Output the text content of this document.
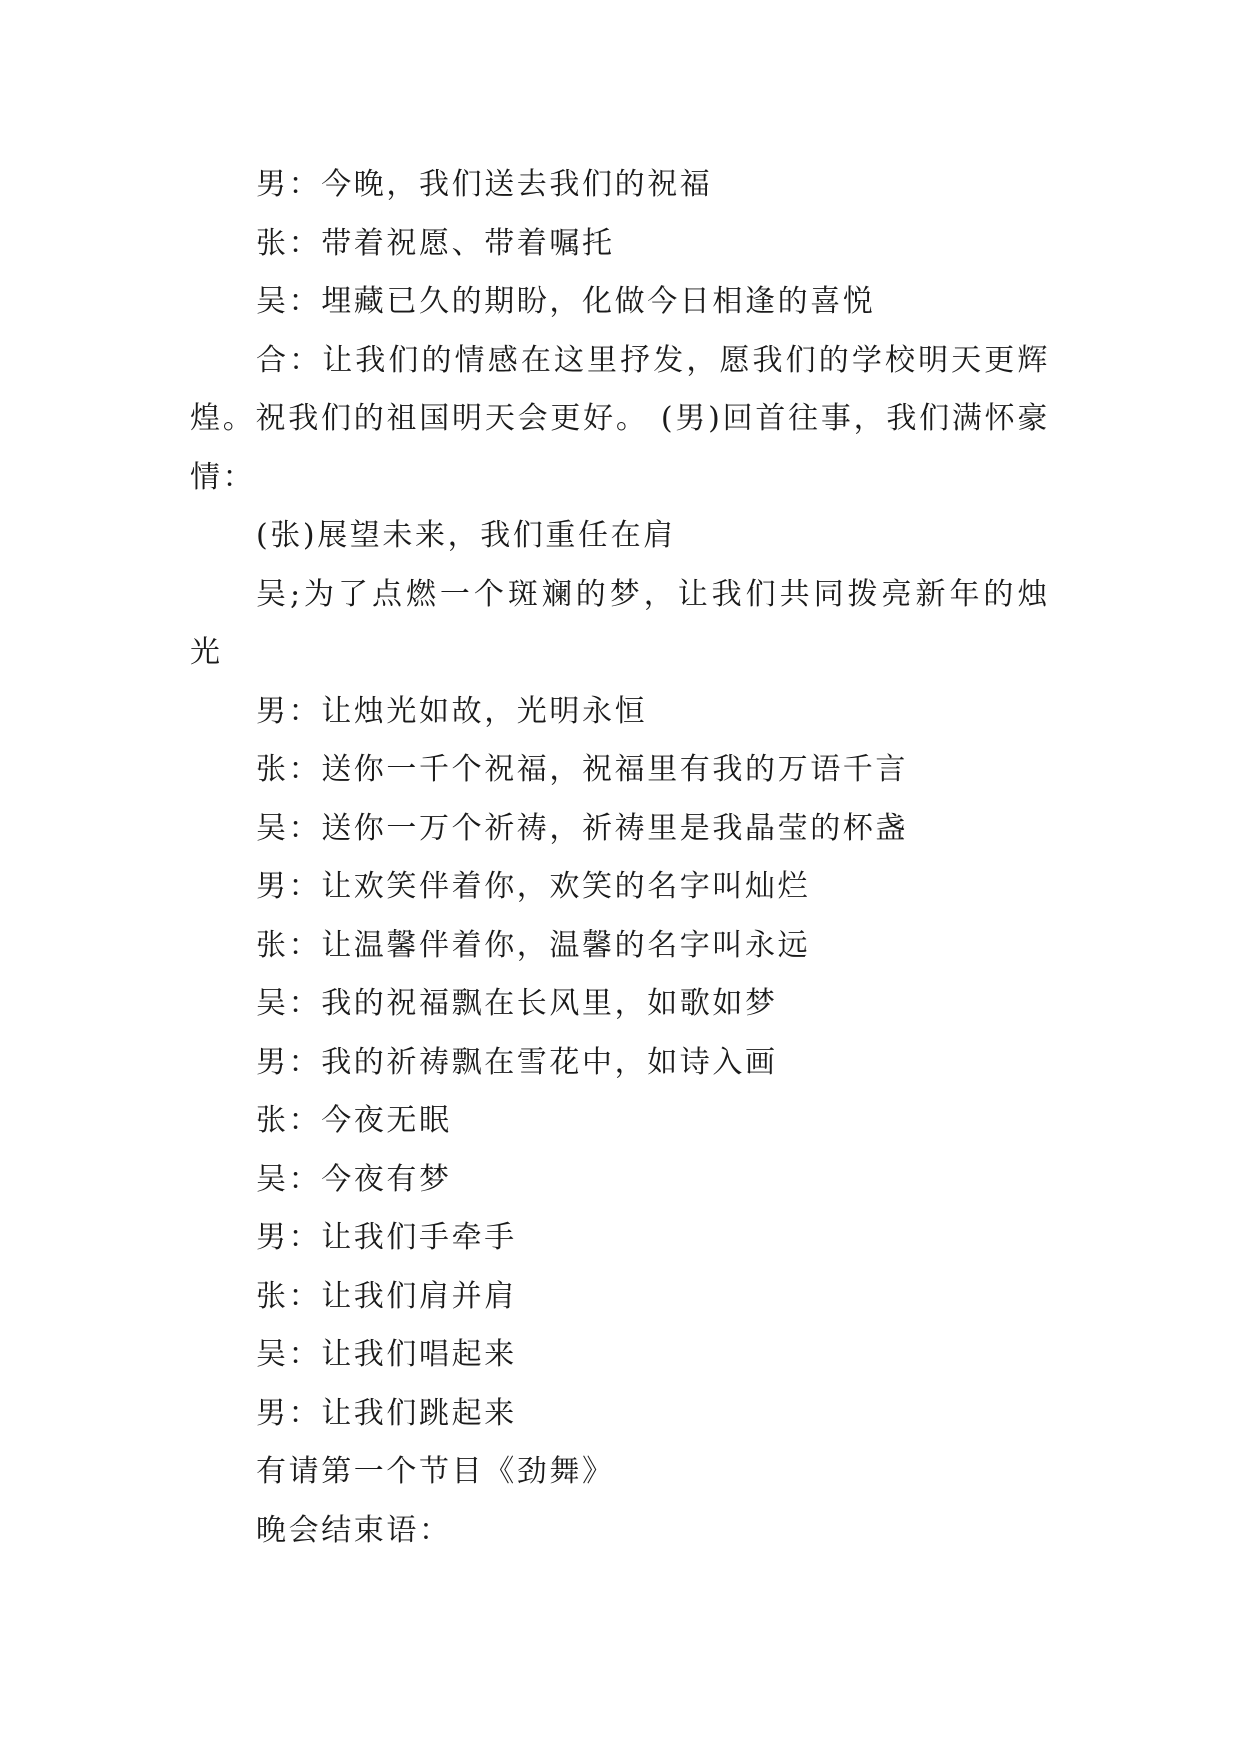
男：今晚，我们送去我们的祝福

张：带着祝愿、带着嘱托

吴：埋藏已久的期盼，化做今日相逢的喜悦

合：让我们的情感在这里抒发，愿我们的学校明天更辉煌。祝我们的祖国明天会更好。 (男)回首往事，我们满怀豪情：

(张)展望未来，我们重任在肩

吴;为了点燃一个斑斓的梦，让我们共同拨亮新年的烛光

男：让烛光如故，光明永恒

张：送你一千个祝福，祝福里有我的万语千言

吴：送你一万个祈祷，祈祷里是我晶莹的杯盏

男：让欢笑伴着你，欢笑的名字叫灿烂

张：让温馨伴着你，温馨的名字叫永远

吴：我的祝福飘在长风里，如歌如梦

男：我的祈祷飘在雪花中，如诗入画

张：今夜无眠

吴：今夜有梦

男：让我们手牵手

张：让我们肩并肩

吴：让我们唱起来

男：让我们跳起来

有请第一个节目《劲舞》

晚会结束语：
